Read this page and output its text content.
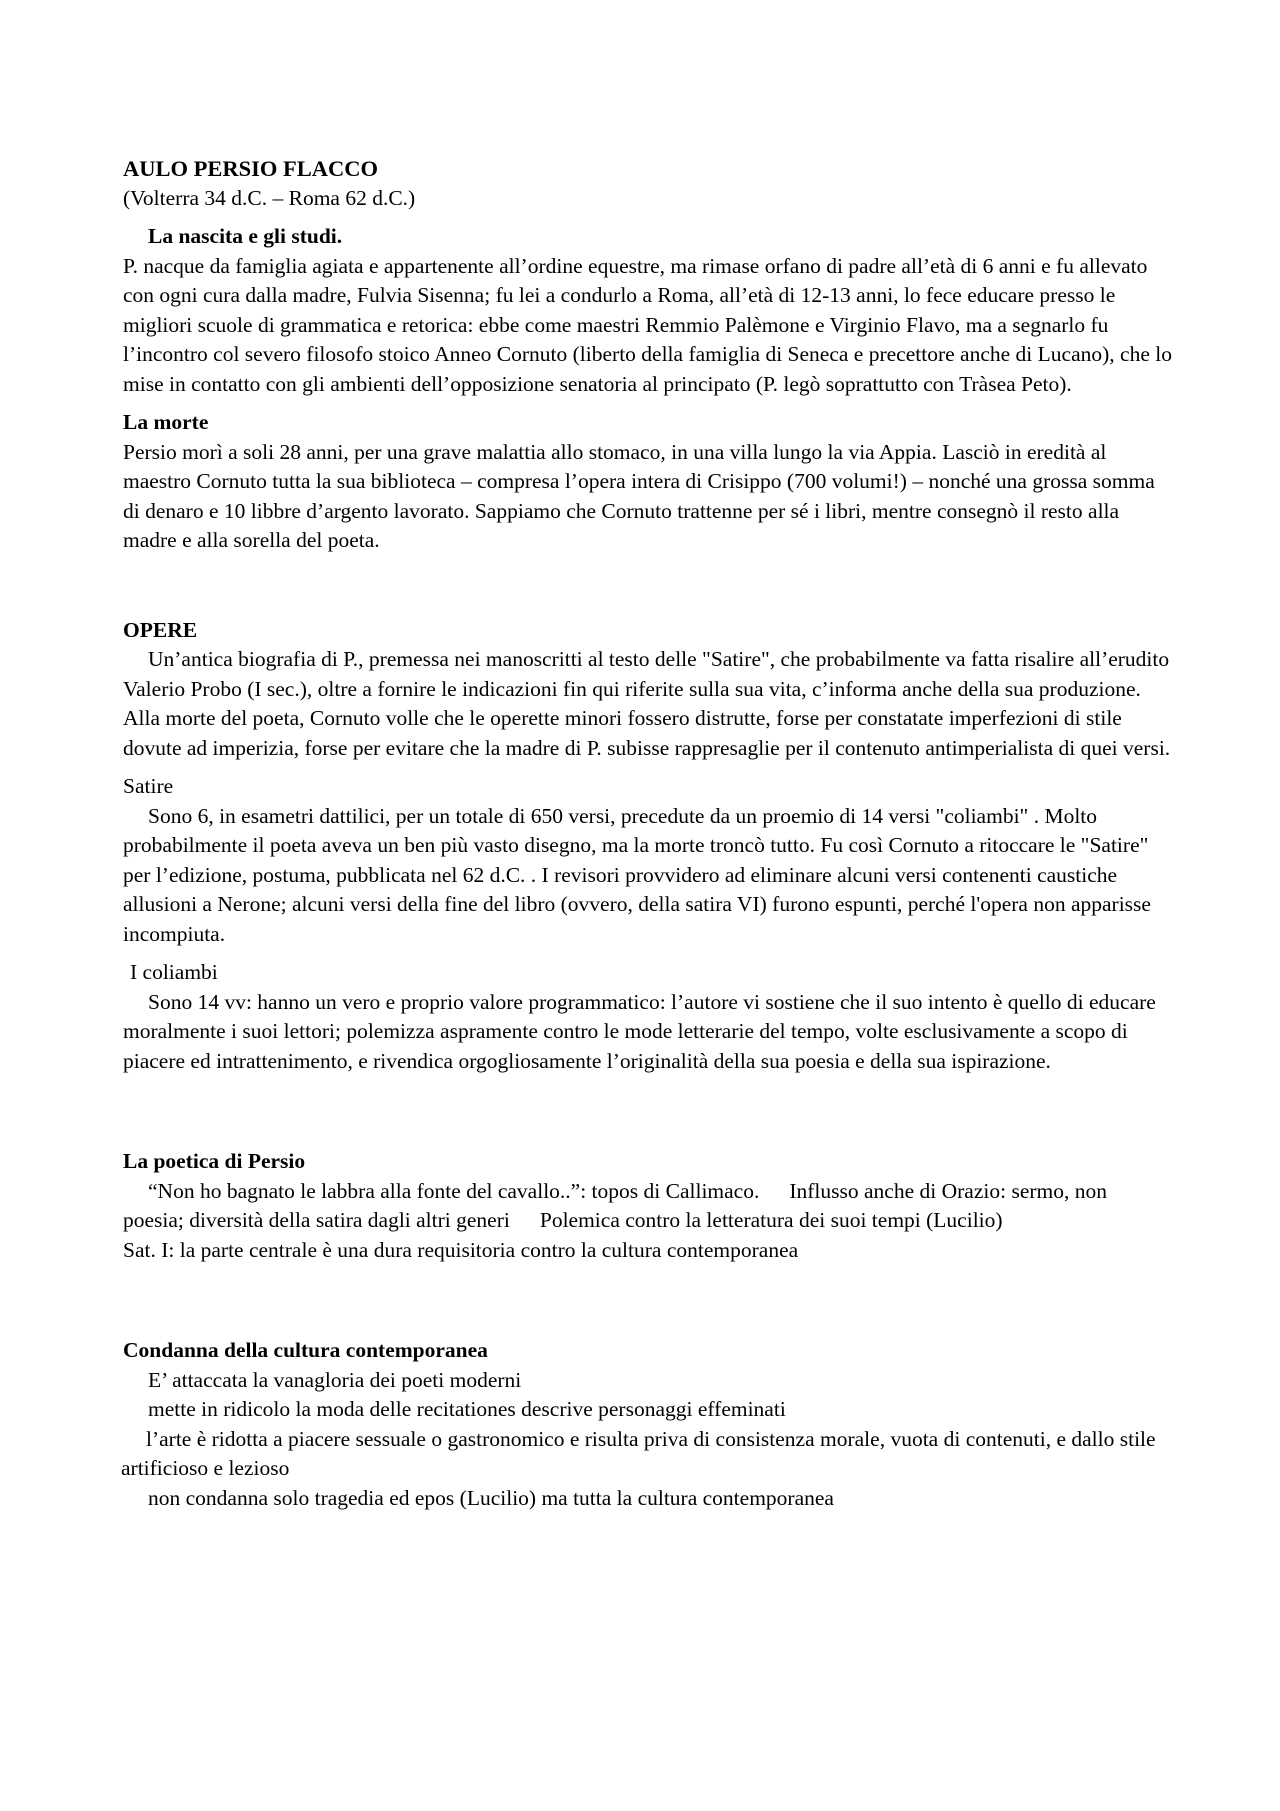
AULO PERSIO FLACCO

(Volterra 34 d.C. – Roma 62 d.C.)

La nascita e gli studi.

P. nacque da famiglia agiata e appartenente all’ordine equestre, ma rimase orfano di padre all’età di 6 anni e fu allevato con ogni cura dalla madre, Fulvia Sisenna; fu lei a condurlo a Roma, all’età di 12-13 anni, lo fece educare presso le migliori scuole di grammatica e retorica: ebbe come maestri Remmio Palèmone e Virginio Flavo, ma a segnarlo fu l’incontro col severo filosofo stoico Anneo Cornuto (liberto della famiglia di Seneca e precettore anche di Lucano), che lo mise in contatto con gli ambienti dell’opposizione senatoria al principato (P. legò soprattutto con Tràsea Peto).

La morte

Persio morì a soli 28 anni, per una grave malattia allo stomaco, in una villa lungo la via Appia. Lasciò in eredità al maestro Cornuto tutta la sua biblioteca – compresa l’opera intera di Crisippo (700 volumi!) – nonché una grossa somma di denaro e 10 libbre d’argento lavorato. Sappiamo che Cornuto trattenne per sé i libri, mentre consegnò il resto alla madre e alla sorella del poeta.

OPERE

Un’antica biografia di P., premessa nei manoscritti al testo delle "Satire", che probabilmente va fatta risalire all’erudito Valerio Probo (I sec.), oltre a fornire le indicazioni fin qui riferite sulla sua vita, c’informa anche della sua produzione. Alla morte del poeta, Cornuto volle che le operette minori fossero distrutte, forse per constatate imperfezioni di stile dovute ad imperizia, forse per evitare che la madre di P. subisse rappresaglie per il contenuto antimperialista di quei versi.

Satire

Sono 6, in esametri dattilici, per un totale di 650 versi, precedute da un proemio di 14 versi "coliambi" . Molto probabilmente il poeta aveva un ben più vasto disegno, ma la morte troncò tutto. Fu così Cornuto a ritoccare le "Satire" per l’edizione, postuma, pubblicata nel 62 d.C. . I revisori provvidero ad eliminare alcuni versi contenenti caustiche allusioni a Nerone; alcuni versi della fine del libro (ovvero, della satira VI) furono espunti, perché l'opera non apparisse incompiuta.

I coliambi

Sono 14 vv: hanno un vero e proprio valore programmatico: l’autore vi sostiene che il suo intento è quello di educare moralmente i suoi lettori; polemizza aspramente contro le mode letterarie del tempo, volte esclusivamente a scopo di piacere ed intrattenimento, e rivendica orgogliosamente l’originalità della sua poesia e della sua ispirazione.

La poetica di Persio

“Non ho bagnato le labbra alla fonte del cavallo..”: topos di Callimaco. Influsso anche di Orazio: sermo, non poesia; diversità della satira dagli altri generi Polemica contro la letteratura dei suoi tempi (Lucilio)
Sat. I: la parte centrale è una dura requisitoria contro la cultura contemporanea

Condanna della cultura contemporanea

E’ attaccata la vanagloria dei poeti moderni

mette in ridicolo la moda delle recitationes descrive personaggi effeminati

l’arte è ridotta a piacere sessuale o gastronomico e risulta priva di consistenza morale, vuota di contenuti, e dallo stile artificioso e lezioso

non condanna solo tragedia ed epos (Lucilio) ma tutta la cultura contemporanea
